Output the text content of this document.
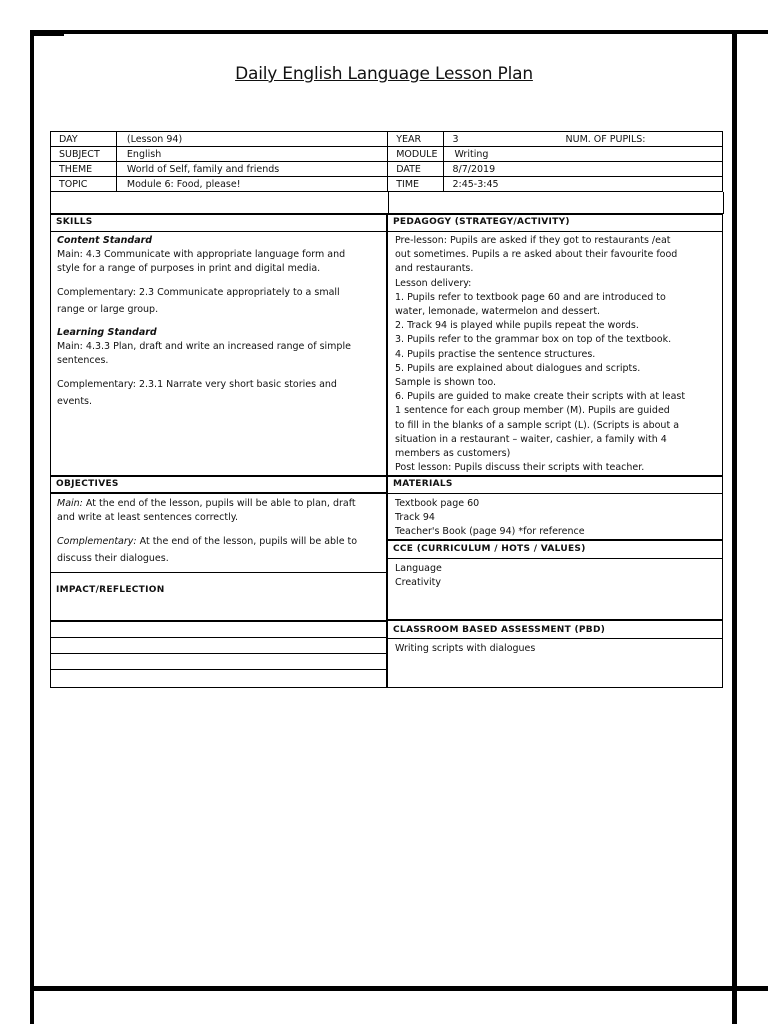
Daily English Language Lesson Plan
DAY	(Lesson 94)	YEAR	3 NUM. OF PUPILS:
SUBJECT	English	MODULE	Writing
THEME	World of Self, family and friends	DATE	8/7/2019
TOPIC	Module 6: Food, please!	TIME	2:45-3:45
SKILLS
Content Standard
Main: 4.3 Communicate with appropriate language form and style for a range of purposes in print and digital media.
Complementary: 2.3 Communicate appropriately to a small range or large group.
Learning Standard
Main: 4.3.3 Plan, draft and write an increased range of simple sentences.
Complementary: 2.3.1 Narrate very short basic stories and events.
OBJECTIVES
Main: At the end of the lesson, pupils will be able to plan, draft and write at least sentences correctly.
Complementary: At the end of the lesson, pupils will be able to discuss their dialogues.
IMPACT/REFLECTION
PEDAGOGY (STRATEGY/ACTIVITY)
Pre-lesson: Pupils are asked if they got to restaurants /eat
out sometimes. Pupils a re asked about their favourite food
and restaurants.
Lesson delivery:
1. Pupils refer to textbook page 60 and are introduced to
water, lemonade, watermelon and dessert.
2. Track 94 is played while pupils repeat the words.
3. Pupils refer to the grammar box on top of the textbook.
4. Pupils practise the sentence structures.
5. Pupils are explained about dialogues and scripts.
Sample is shown too.
6. Pupils are guided to make create their scripts with at least
1 sentence for each group member (M). Pupils are guided
to fill in the blanks of a sample script (L). (Scripts is about a
situation in a restaurant – waiter, cashier, a family with 4
members as customers)
Post lesson: Pupils discuss their scripts with teacher.
MATERIALS
Textbook page 60
Track 94
Teacher's Book (page 94) *for reference
CCE (CURRICULUM / HOTS / VALUES)
Language
Creativity
CLASSROOM BASED ASSESSMENT (PBD)
Writing scripts with dialogues
